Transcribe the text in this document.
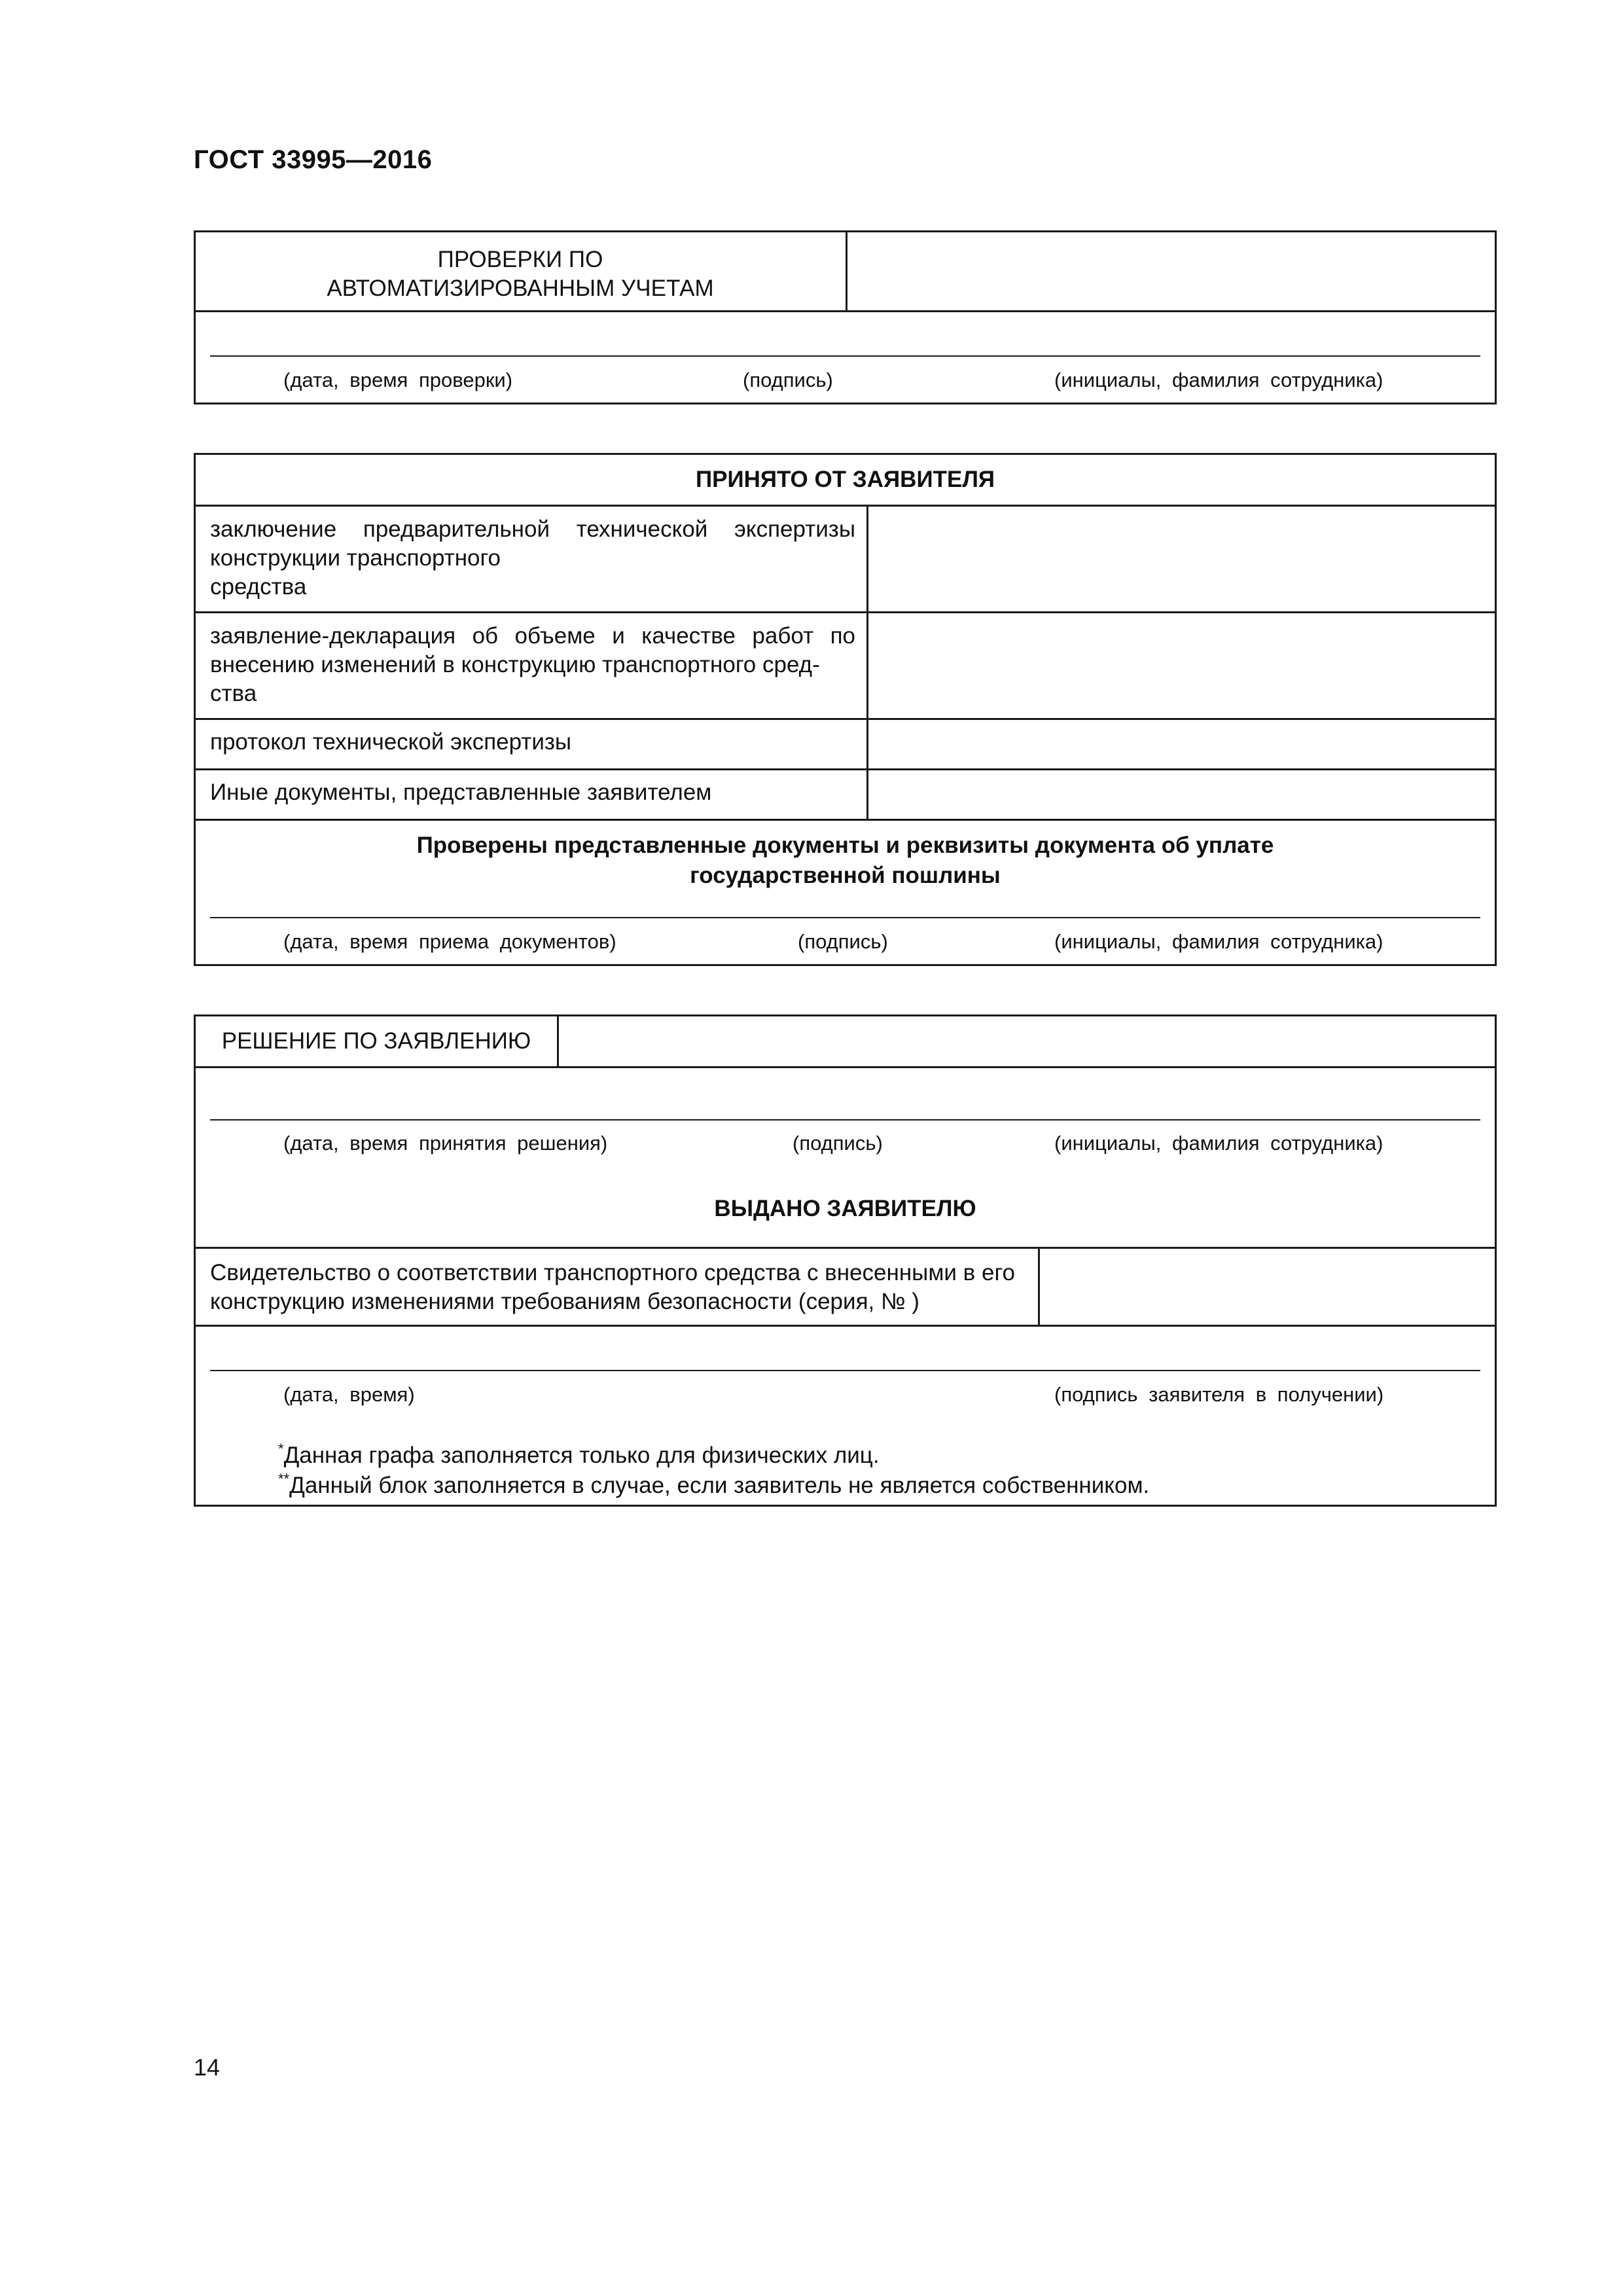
ГОСТ 33995—2016
ПРОВЕРКИ ПО
АВТОМАТИЗИРОВАННЫМ УЧЕТАМ
(дата, время проверки)	(подпись)	(инициалы, фамилия сотрудника)
ПРИНЯТО ОТ ЗАЯВИТЕЛЯ
заключение предварительной технической экспертизы конструкции транспортного
средства
заявление-декларация об объеме и качестве работ по внесению изменений в конструкцию транспортного сред-
ства
протокол технической экспертизы
Иные документы, представленные заявителем
Проверены представленные документы и реквизиты документа об уплате
государственной пошлины
(дата, время приема документов)	(подпись)	(инициалы, фамилия сотрудника)
РЕШЕНИЕ ПО ЗАЯВЛЕНИЮ
(дата, время принятия решения)	(подпись)	(инициалы, фамилия сотрудника)
ВЫДАНО ЗАЯВИТЕЛЮ
Свидетельство о соответствии транспортного средства с внесенными в его конструкцию изменениями требованиям безопасности (серия, № )
(дата, время)	(подпись заявителя в получении)
*Данная графа заполняется только для физических лиц.
**Данный блок заполняется в случае, если заявитель не является собственником.
14
